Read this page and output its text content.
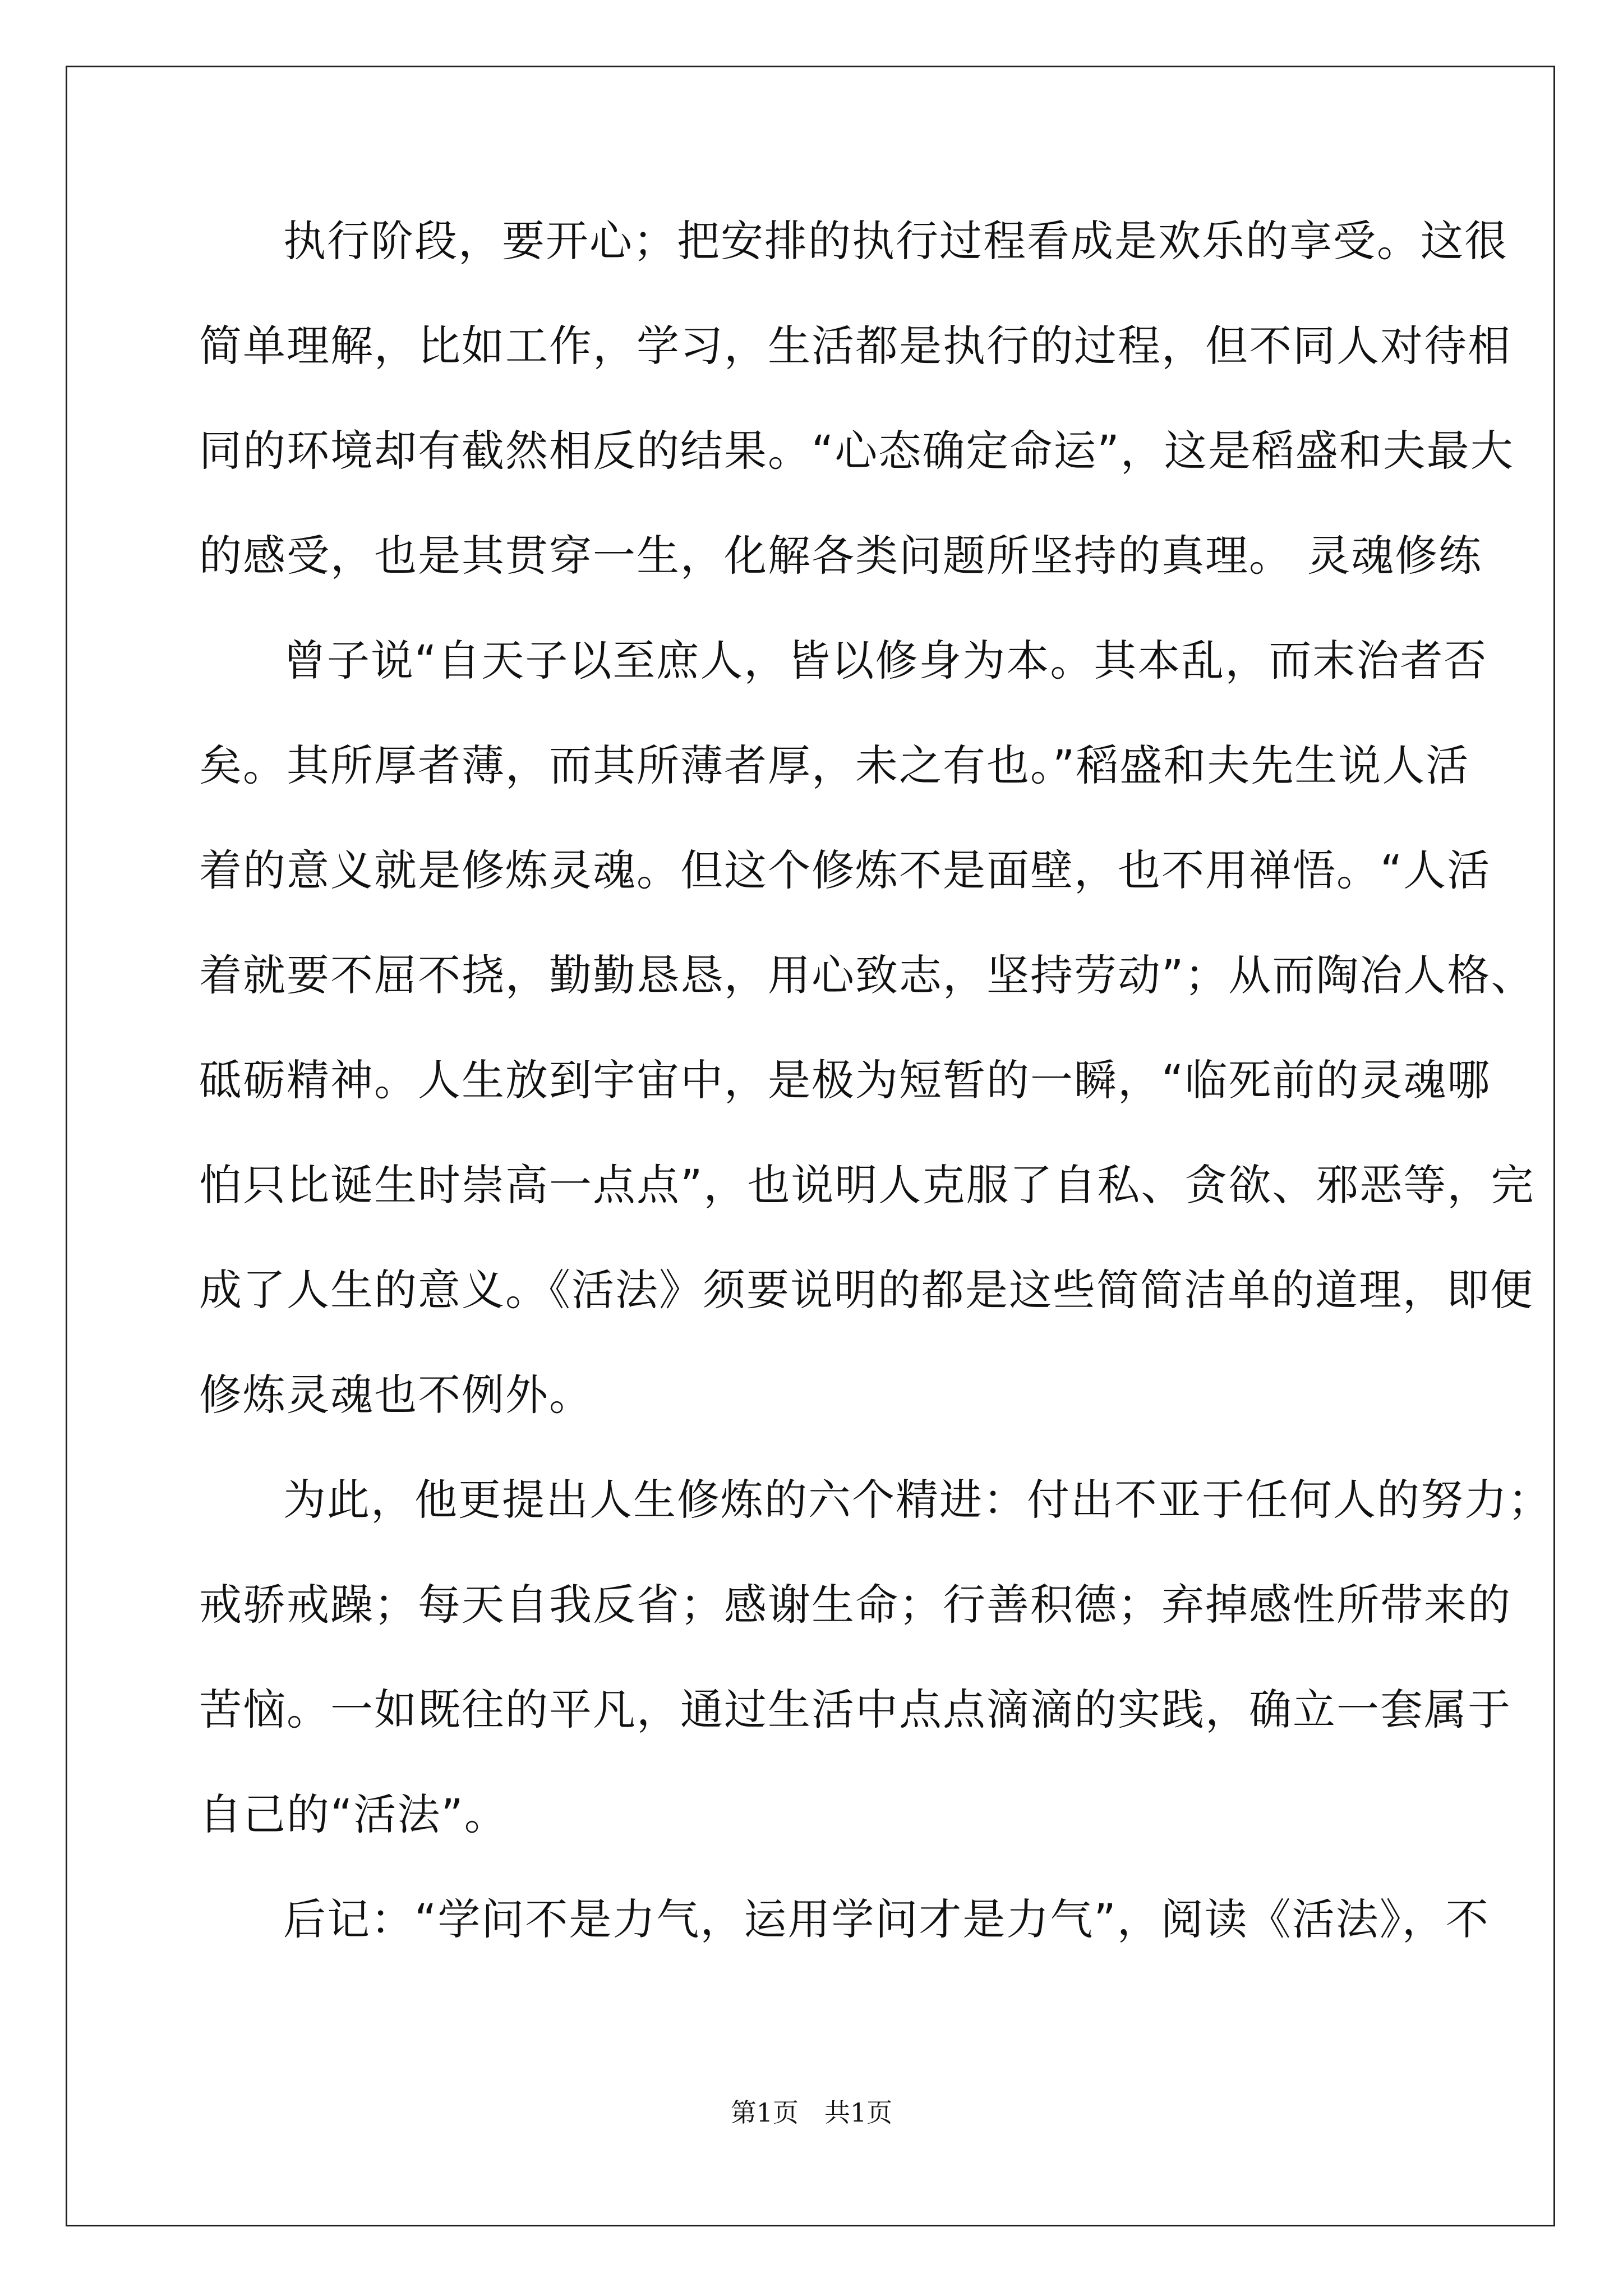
执行阶段，要开心；把安排的执行过程看成是欢乐的享受。这很
简单理解，比如工作，学习，生活都是执行的过程，但不同人对待相
同的环境却有截然相反的结果。“心态确定命运”，这是稻盛和夫最大
的感受，也是其贯穿一生，化解各类问题所坚持的真理。 灵魂修练
曾子说“自天子以至庶人，皆以修身为本。其本乱，而末治者否
矣。其所厚者薄，而其所薄者厚，未之有也。”稻盛和夫先生说人活
着的意义就是修炼灵魂。但这个修炼不是面壁，也不用禅悟。“人活
着就要不屈不挠，勤勤恳恳，用心致志，坚持劳动”；从而陶冶人格、
砥砺精神。人生放到宇宙中，是极为短暂的一瞬，“临死前的灵魂哪
怕只比诞生时崇高一点点”，也说明人克服了自私、贪欲、邪恶等，完
成了人生的意义。《活法》须要说明的都是这些简简洁单的道理，即便
修炼灵魂也不例外。
为此，他更提出人生修炼的六个精进：付出不亚于任何人的努力；
戒骄戒躁；每天自我反省；感谢生命；行善积德；弃掉感性所带来的
苦恼。一如既往的平凡，通过生活中点点滴滴的实践，确立一套属于
自己的“活法”。
后记：“学问不是力气，运用学问才是力气”，阅读《活法》，不
第1页　共1页
